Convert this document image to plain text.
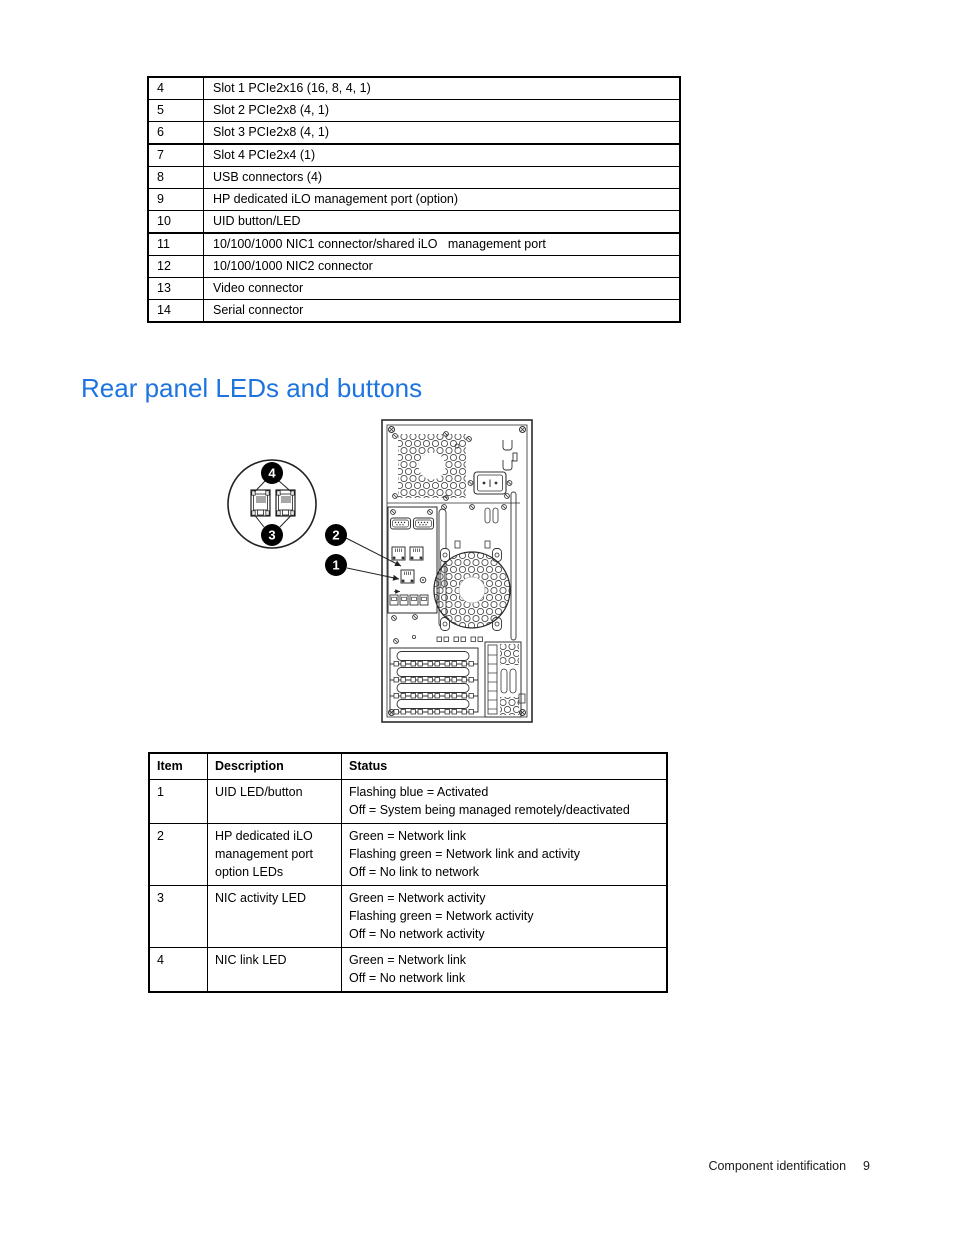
4	Slot 1 PCIe2x16 (16, 8, 4, 1)
5	Slot 2 PCIe2x8 (4, 1)
6	Slot 3 PCIe2x8 (4, 1)
7	Slot 4 PCIe2x4 (1)
8	USB connectors (4)
9	HP dedicated iLO management port (option)
10	UID button/LED
11	10/100/1000 NIC1 connector/shared iLO   management port
12	10/100/1000 NIC2 connector
13	Video connector
14	Serial connector
Rear panel LEDs and buttons
4
3	2
1
Item	Description	Status
1	UID LED/button	Flashing blue = Activated
Off = System being managed remotely/deactivated

2	HP dedicated iLO management port option LEDs	Green = Network link
Flashing green = Network link and activity
Off = No link to network

3	NIC activity LED	Green = Network activity
Flashing green = Network activity
Off = No network activity

4	NIC link LED	Green = Network link
Off = No network link
Component identification 9
